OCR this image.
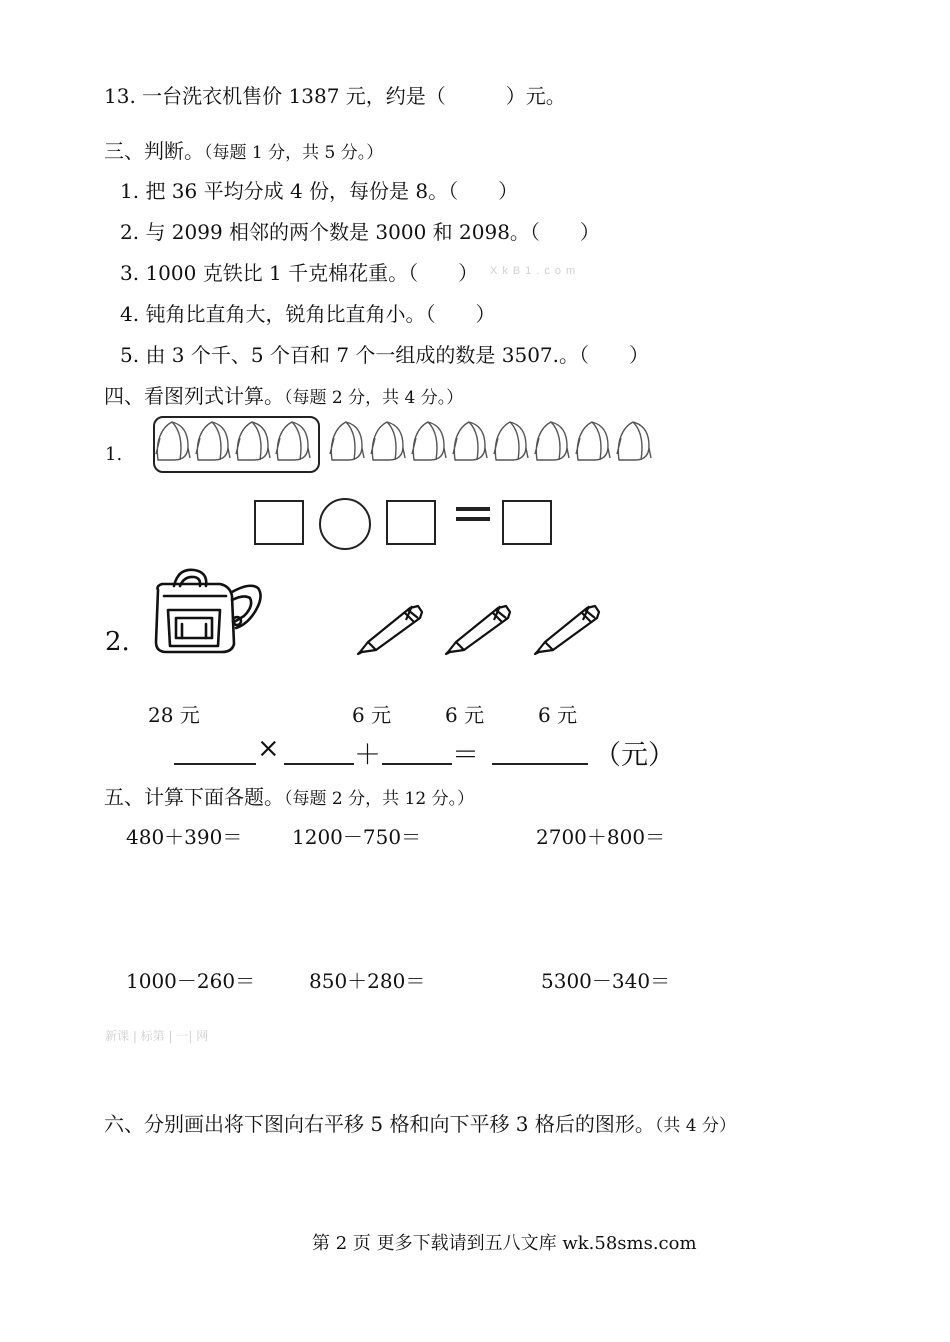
13. 一台洗衣机售价 1387 元，约是（　　　）元。
三、判断。（每题 1 分，共 5 分。）
1. 把 36 平均分成 4 份，每份是 8。（　　）
2. 与 2099 相邻的两个数是 3000 和 2098。（　　）
3. 1000 克铁比 1 千克棉花重。（　　） XkB1.com
4. 钝角比直角大，锐角比直角小。（　　）
5. 由 3 个千、5 个百和 7 个一组成的数是 3507.。（　　）
四、看图列式计算。（每题 2 分，共 4 分。）
1.
2.
28 元	6 元	6 元	6 元
×	＋	＝	（元）
五、计算下面各题。（每题 2 分，共 12 分。）
480＋390＝ 1200－750＝	2700＋800＝
1000－260＝	850＋280＝	5300－340＝
新课 | 标第 | 一| 网
六、分别画出将下图向右平移 5 格和向下平移 3 格后的图形。（共 4 分）
第 2 页 更多下载请到五八文库 wk.58sms.com
